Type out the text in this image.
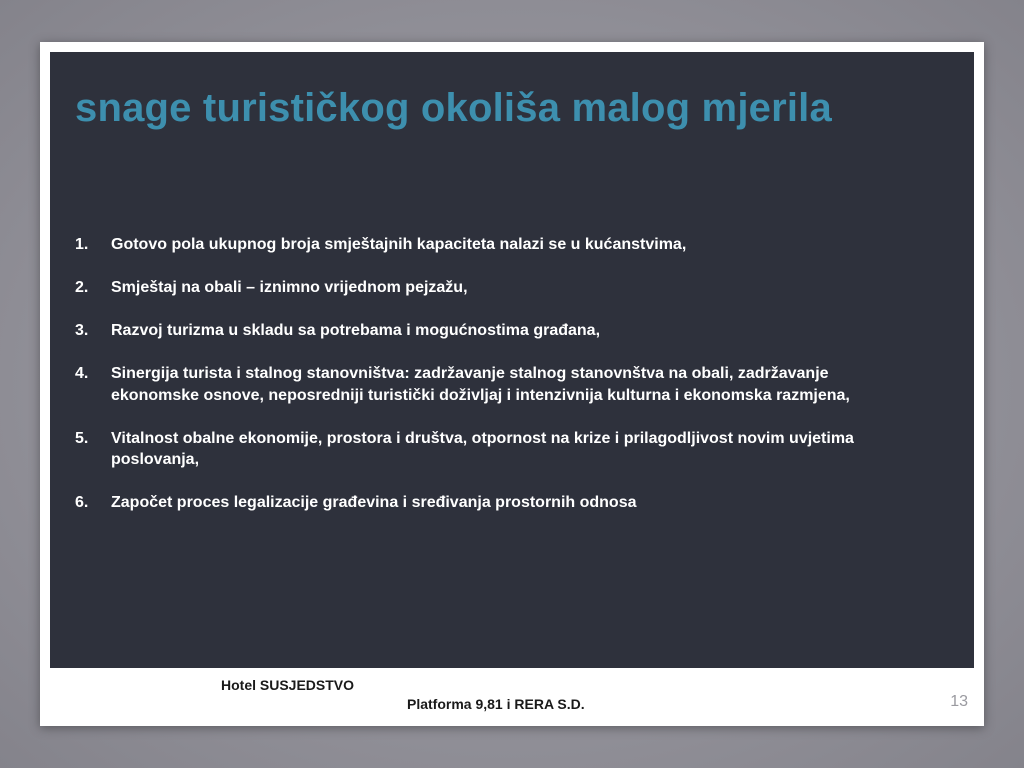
snage turističkog okoliša malog mjerila
1.	Gotovo pola ukupnog broja smještajnih kapaciteta nalazi se u kućanstvima,
2.	Smještaj na obali – iznimno vrijednom pejzažu,
3.	Razvoj turizma u skladu sa potrebama i mogućnostima građana,
4.	Sinergija turista i stalnog stanovništva: zadržavanje stalnog stanovnštva na obali, zadržavanje ekonomske osnove, neposredniji turistički doživljaj i intenzivnija kulturna i ekonomska razmjena,
5.	Vitalnost obalne ekonomije, prostora i društva, otpornost na krize i prilagodljivost novim uvjetima poslovanja,
6.	Započet proces legalizacije građevina i sređivanja prostornih odnosa
Hotel SUSJEDSTVO
Platforma 9,81 i RERA S.D.	13
